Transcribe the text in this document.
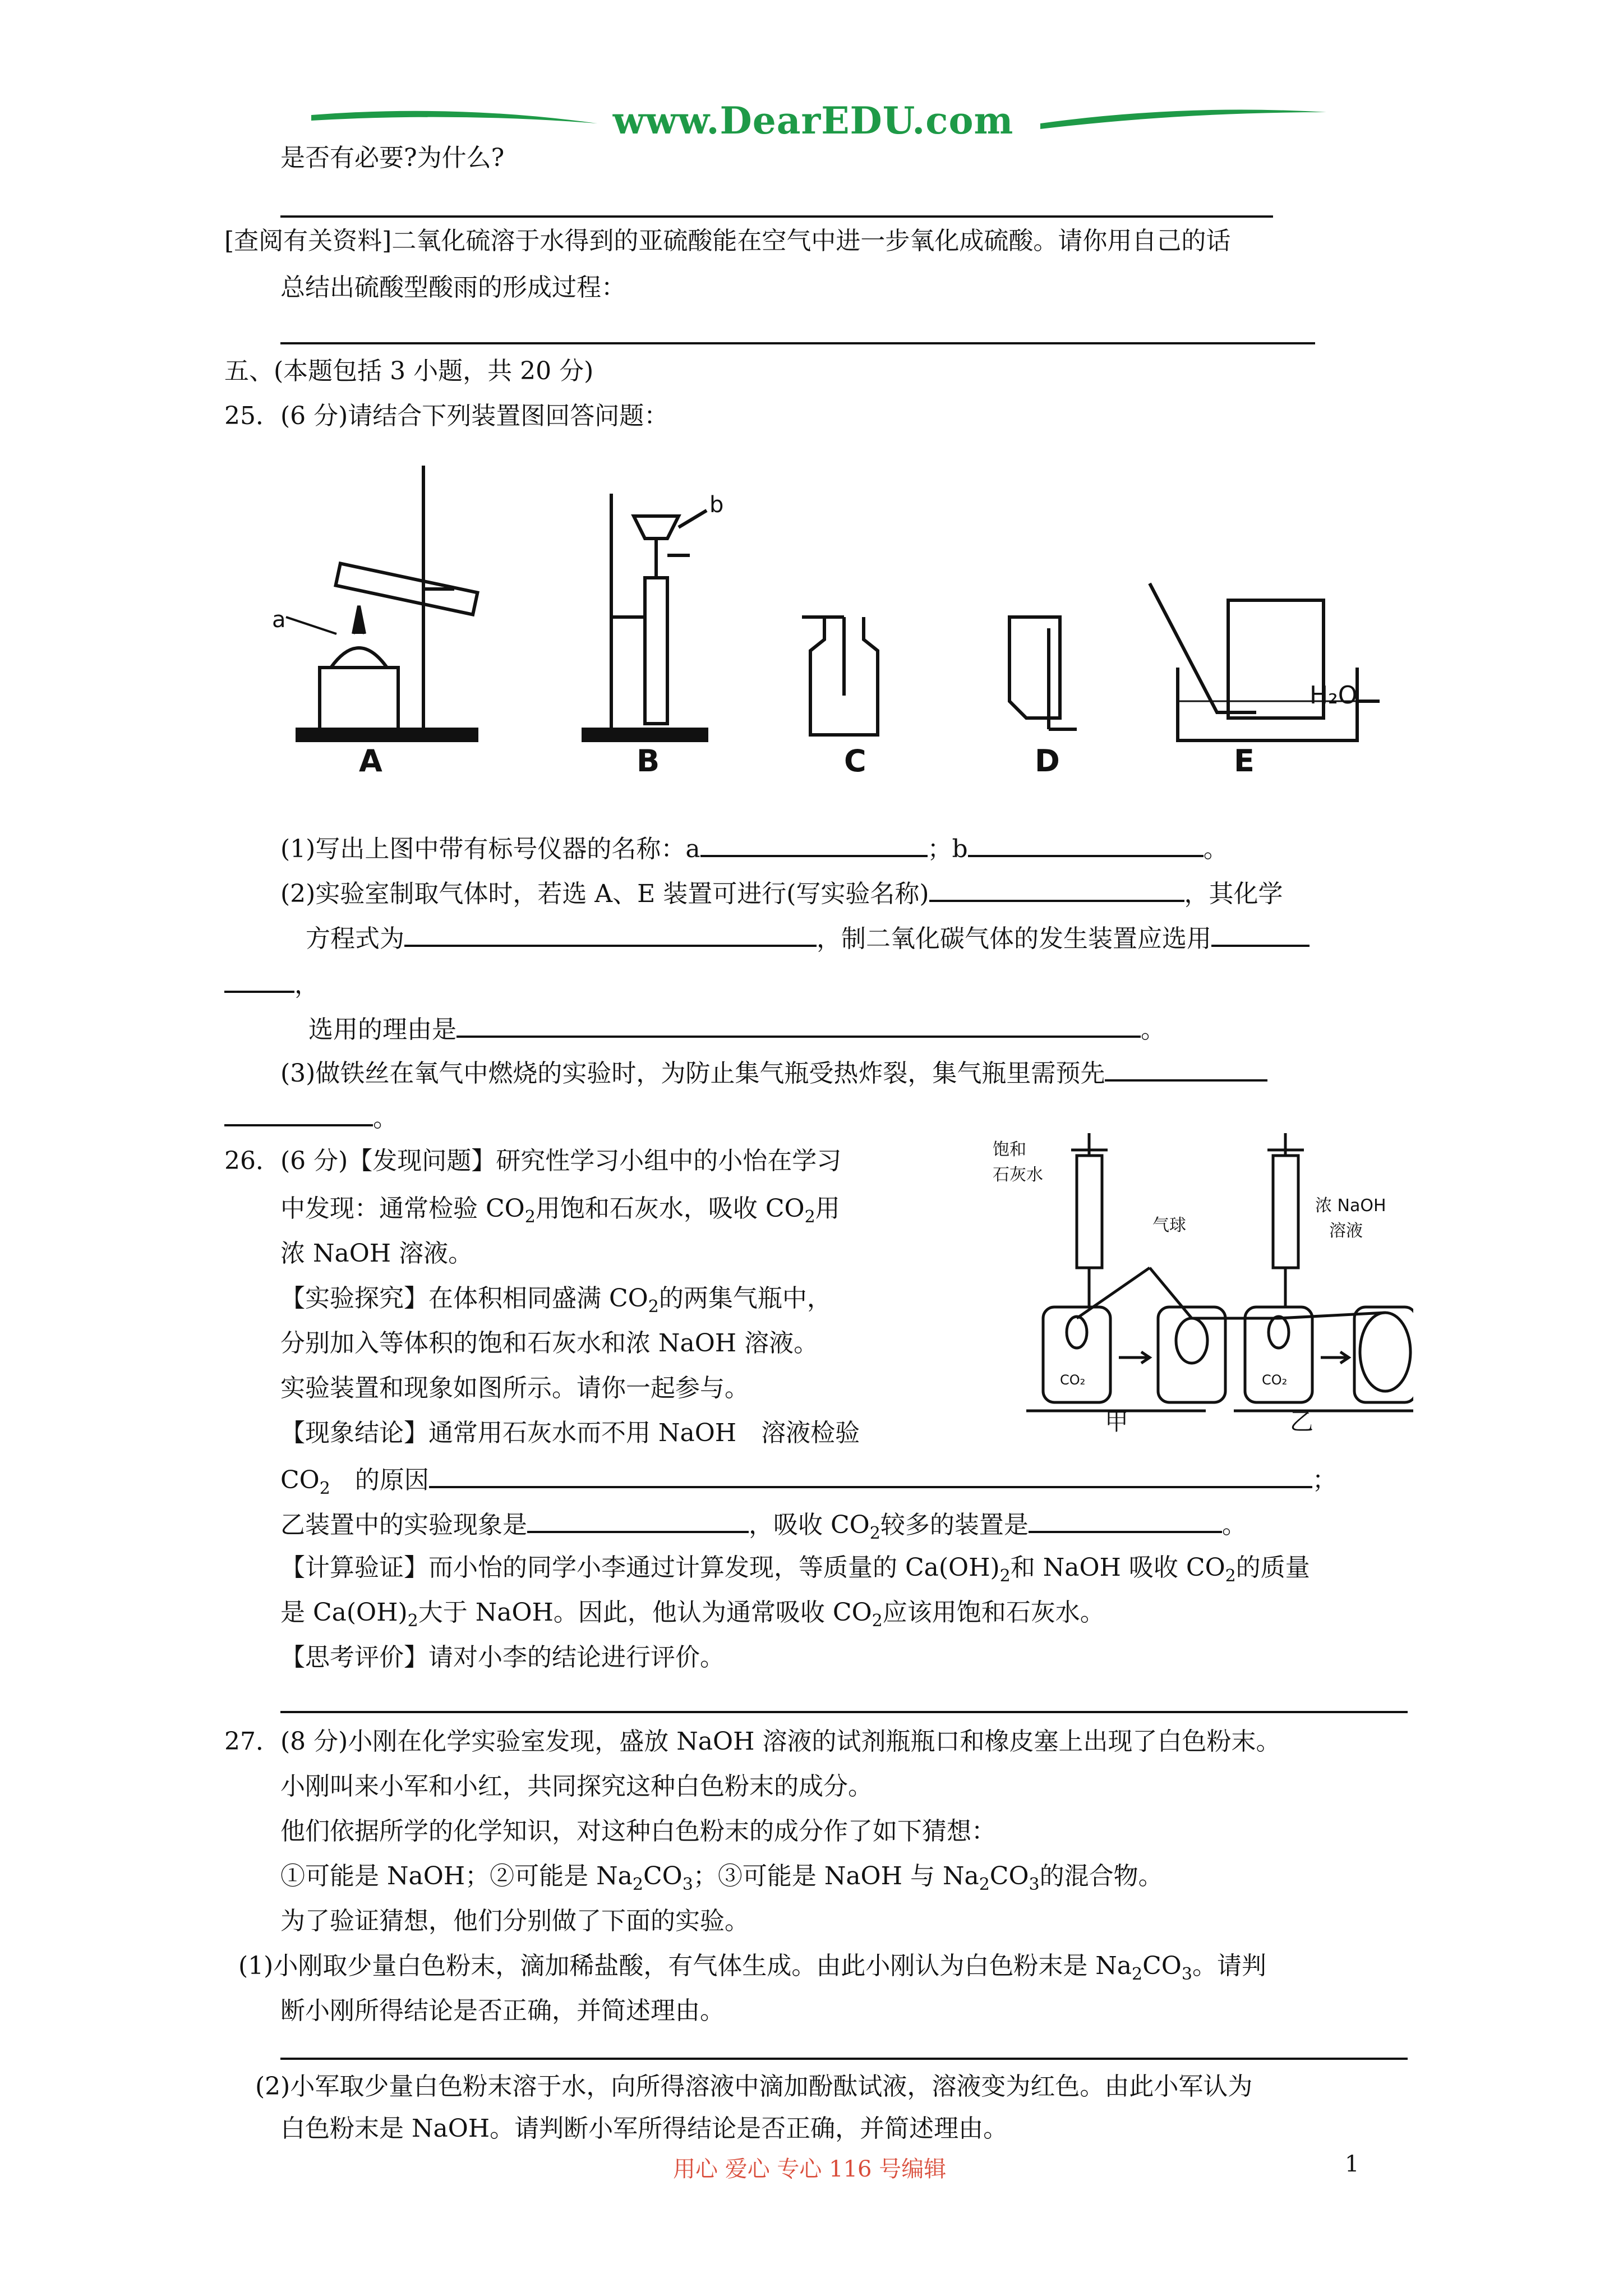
www.DearEDU.com
是否有必要?为什么?
[查阅有关资料]二氧化硫溶于水得到的亚硫酸能在空气中进一步氧化成硫酸。请你用自己的话
总结出硫酸型酸雨的形成过程：
五、(本题包括 3 小题，共 20 分)
25．(6 分)请结合下列装置图回答问题：
a
b
H₂O
A	B	C	D	E
(1)写出上图中带有标号仪器的名称：a	；b	。
(2)实验室制取气体时，若选 A、E 装置可进行(写实验名称)	，其化学
方程式为	，制二氧化碳气体的发生装置应选用
，
选用的理由是	。
(3)做铁丝在氧气中燃烧的实验时，为防止集气瓶受热炸裂，集气瓶里需预先
。
26．(6 分)【发现问题】研究性学习小组中的小怡在学习
中发现：通常检验 $CO_2$用饱和石灰水，吸收 $CO_2$用
浓 NaOH 溶液。
【实验探究】在体积相同盛满 $CO_2$的两集气瓶中，
分别加入等体积的饱和石灰水和浓 NaOH 溶液。
实验装置和现象如图所示。请你一起参与。
【现象结论】通常用石灰水而不用 NaOH　溶液检验
饱和
石灰水
浓 NaOH
溶液
气球
CO₂	CO₂
甲	乙
$CO_2$　的原因	；
乙装置中的实验现象是	，吸收 $CO_2$较多的装置是	。
【计算验证】而小怡的同学小李通过计算发现，等质量的 $Ca(OH)_2$和 NaOH 吸收 $CO_2$的质量
是 $Ca(OH)_2$大于 NaOH。因此，他认为通常吸收 $CO_2$应该用饱和石灰水。
【思考评价】请对小李的结论进行评价。
27．(8 分)小刚在化学实验室发现，盛放 NaOH 溶液的试剂瓶瓶口和橡皮塞上出现了白色粉末。
小刚叫来小军和小红，共同探究这种白色粉末的成分。
他们依据所学的化学知识，对这种白色粉末的成分作了如下猜想：
①可能是 NaOH；②可能是 $Na_2CO_3$；③可能是 NaOH 与 $Na_2CO_3$的混合物。
为了验证猜想，他们分别做了下面的实验。
(1)小刚取少量白色粉末，滴加稀盐酸，有气体生成。由此小刚认为白色粉末是 $Na_2CO_3$。请判
断小刚所得结论是否正确，并简述理由。
(2)小军取少量白色粉末溶于水，向所得溶液中滴加酚酞试液，溶液变为红色。由此小军认为
用心 爱心 专心 116 号编辑	1
白色粉末是 NaOH。请判断小军所得结论是否正确，并简述理由。
